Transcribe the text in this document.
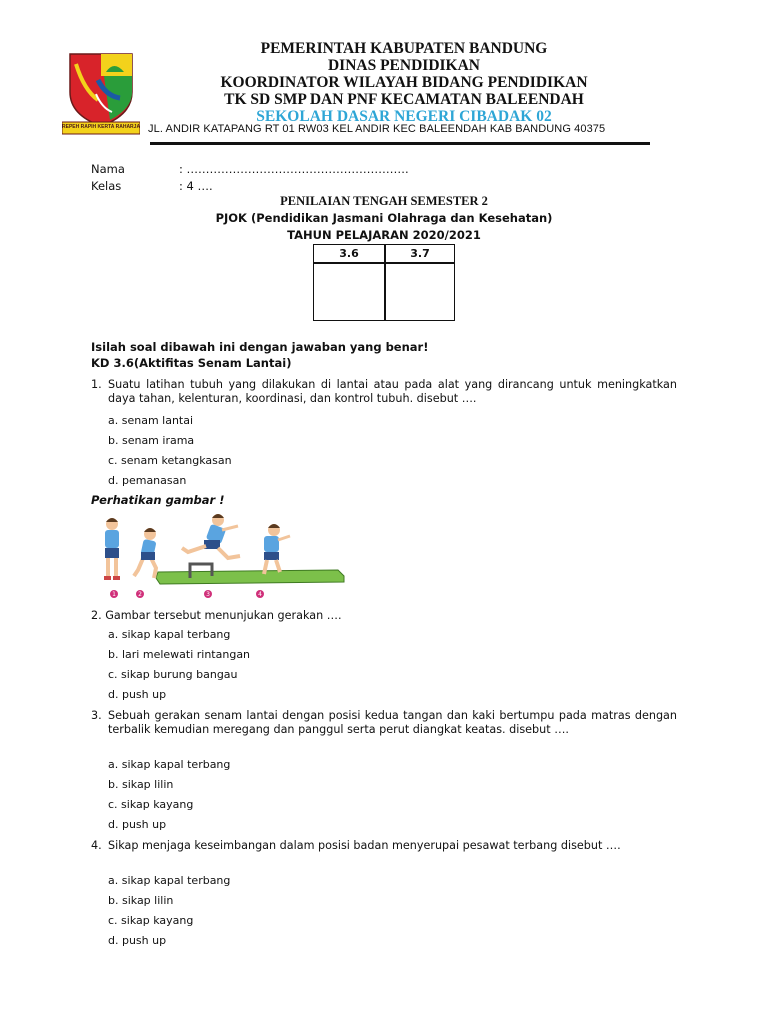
REPEH RAPIH KERTA RAHARJA
PEMERINTAH KABUPATEN BANDUNG
DINAS PENDIDIKAN
KOORDINATOR WILAYAH BIDANG PENDIDIKAN
TK SD SMP DAN PNF KECAMATAN BALEENDAH
SEKOLAH DASAR NEGERI CIBADAK 02
JL. ANDIR KATAPANG RT 01 RW03 KEL ANDIR KEC BALEENDAH KAB BANDUNG 40375
Nama	: ………………………………………………….
Kelas	: 4 ….
PENILAIAN TENGAH SEMESTER 2
PJOK (Pendidikan Jasmani Olahraga dan Kesehatan)
TAHUN PELAJARAN 2020/2021
3.6	3.7
Isilah soal dibawah ini dengan jawaban yang benar!
KD 3.6(Aktifitas Senam Lantai)
1. Suatu latihan tubuh yang dilakukan di lantai atau pada alat yang dirancang untuk meningkatkan daya tahan, kelenturan, koordinasi, dan kontrol tubuh. disebut ….
a. senam lantai
b. senam irama
c. senam ketangkasan
d. pemanasan
Perhatikan gambar !
1	2	3	4
2. Gambar tersebut menunjukan gerakan ….
a. sikap kapal terbang
b. lari melewati rintangan
c. sikap burung bangau
d. push up
3. Sebuah gerakan senam lantai dengan posisi kedua tangan dan kaki bertumpu pada matras dengan terbalik kemudian meregang dan panggul serta perut diangkat keatas. disebut ….
a. sikap kapal terbang
b. sikap lilin
c. sikap kayang
d. push up
4. Sikap menjaga keseimbangan dalam posisi badan menyerupai pesawat terbang disebut ….
a. sikap kapal terbang
b. sikap lilin
c. sikap kayang
d. push up
